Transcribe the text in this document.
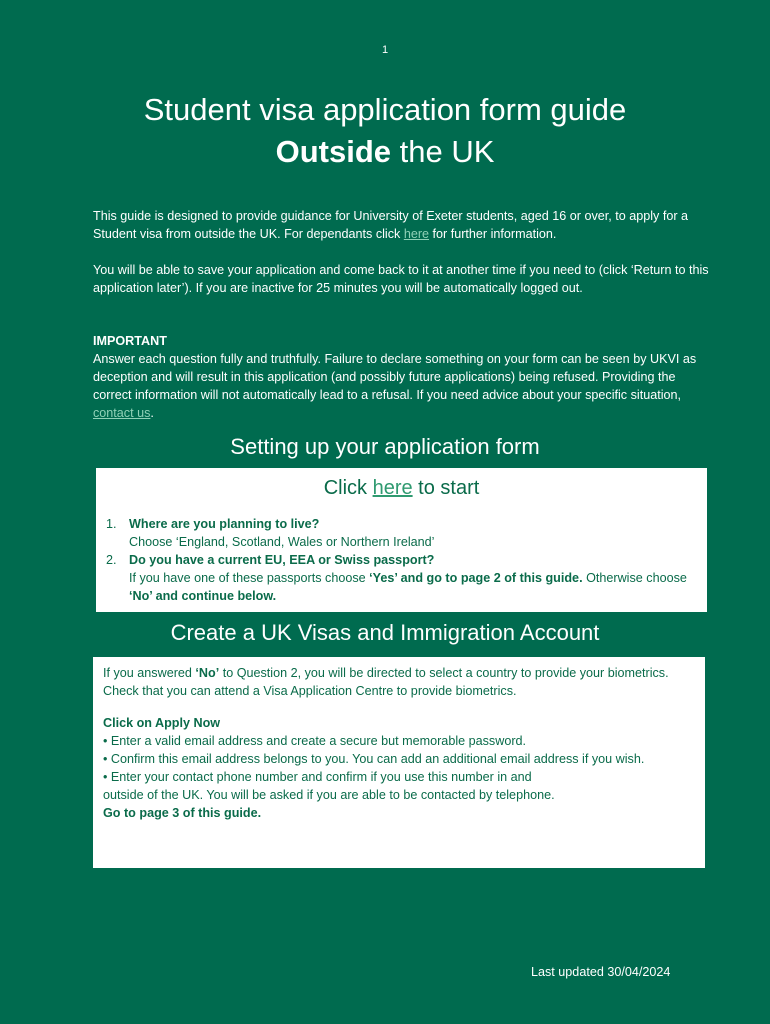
1
Student visa application form guide
Outside the UK

This guide is designed to provide guidance for University of Exeter students, aged 16 or over, to apply for a Student visa from outside the UK. For dependants click here for further information.

You will be able to save your application and come back to it at another time if you need to (click ‘Return to this application later’). If you are inactive for 25 minutes you will be automatically logged out.

IMPORTANT

Answer each question fully and truthfully. Failure to declare something on your form can be seen by UKVI as deception and will result in this application (and possibly future applications) being refused. Providing the correct information will not automatically lead to a refusal. If you need advice about your specific situation, contact us.

Setting up your application form
Click here to start
1. Where are you planning to live?
Choose ‘England, Scotland, Wales or Northern Ireland’
2. Do you have a current EU, EEA or Swiss passport?
If you have one of these passports choose ‘Yes’ and go to page 2 of this guide. Otherwise choose ‘No’ and continue below.
Create a UK Visas and Immigration Account

If you answered ‘No’ to Question 2, you will be directed to select a country to provide your biometrics. Check that you can attend a Visa Application Centre to provide biometrics.

Click on Apply Now

• Enter a valid email address and create a secure but memorable password.

• Confirm this email address belongs to you. You can add an additional email address if you wish.

• Enter your contact phone number and confirm if you use this number in and

outside of the UK. You will be asked if you are able to be contacted by telephone.

Go to page 3 of this guide.

Last updated 30/04/2024
